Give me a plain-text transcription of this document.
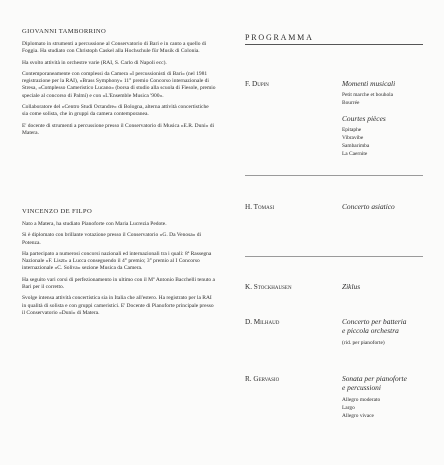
GIOVANNI TAMBORRINO

Diplomato in strumenti a percussione al Conservatorio di Bari e in canto a quello di Foggia. Ha studiato con Christoph Caskel alla Hochschule für Musik di Colonia.

Ha svolto attività in orchestre varie (RAI, S. Carlo di Napoli ecc).

Contemporaneamente con complessi da Camera «I percussionisti di Bari» (nel 1981 registrazione per la RAI), «Brass Symphony» 11° premio Concorso internazionale di Stresa, «Complesso Cameristico Lucano» (borsa di studio alla scuola di Fiesole, premio speciale al concorso di Palmi) e con «L'Ensemble Musica '900».

Collaboratore del «Centro Studi Octandre» di Bologna, alterna attività concertistiche sia come solista, che in gruppi da camera contemporanea.

E' docente di strumenti a percussione presso il Conservatorio di Musica «E.R. Duni» di Matera.

VINCENZO DE FILPO

Nato a Matera, ha studiato Pianoforte con Maria Lucrezia Pedote.

Si è diplomato con brillante votazione presso il Conservatorio «G. Da Venosa» di Potenza.

Ha partecipato a numerosi concorsi nazionali ed internazionali tra i quali: 8ª Rassegna Nazionale «F. Liszt» a Lucca conseguendo il 4° premio; 3° premio al I Concorso internazionale «C. Soliva» sezione Musica da Camera.

Ha seguito vari corsi di perfezionamento in ultimo con il Mº Antonio Bacchelli tenuto a Bari per il corretto.

Svolge intensa attività concertistica sia in Italia che all'estero. Ha registrato per la RAI in qualità di solista e con gruppi cameristici. E' Docente di Pianoforte principale presso il Conservatorio «Duni» di Matera.

PROGRAMMA
F. Dupin	Momenti musicali
Petit marche et bouhola
Bourrée
Courtes pièces
Epitaphe
Vibravibe
Sambarimba
La Caernite
H. Tomasi	Concerto asiatico
K. Stockhausen	Ziklus
D. Milhaud	Concerto per batteria
e piccola orchestra
(rid. per pianoforte)
R. Gervasio	Sonata per pianoforte
e percussioni
Allegro moderato
Largo
Allegro vivace
